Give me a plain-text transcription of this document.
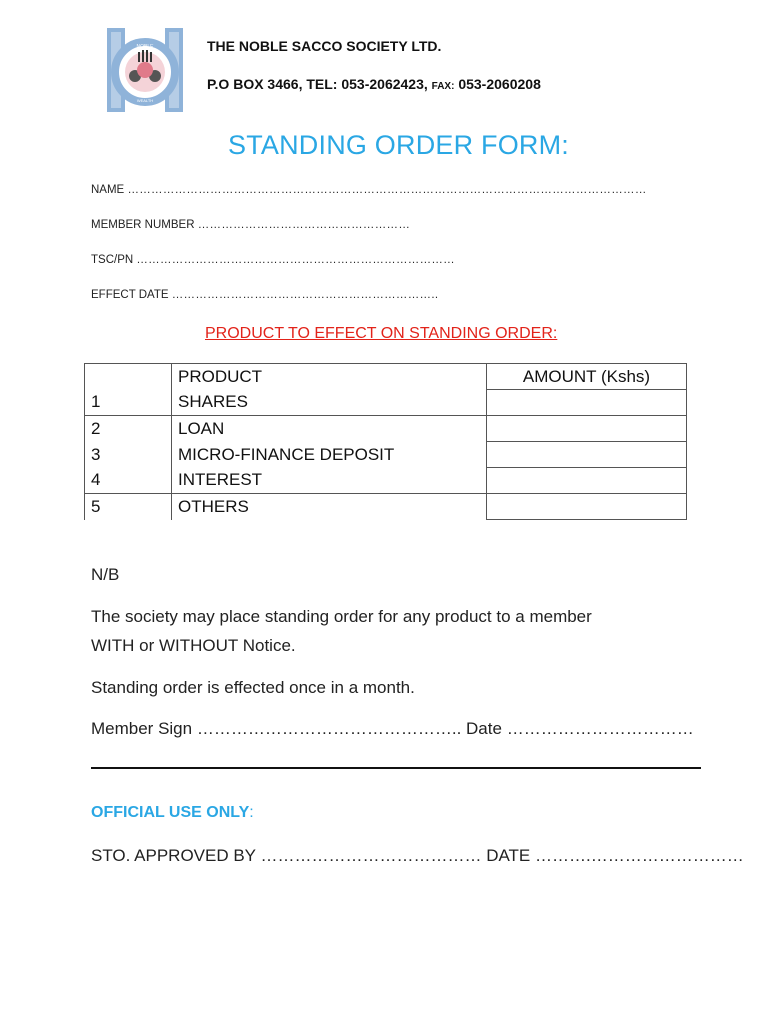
NOBLE
WEALTH
THE NOBLE SACCO SOCIETY LTD.
P.O BOX 3466, TEL: 053-2062423, FAX: 053-2060208
STANDING ORDER FORM:
NAME ……………………………………………………………………………………………………………………
MEMBER NUMBER ………………………………………………
TSC/PN ………………………………………………………………………
EFFECT DATE …………………………………………………………..
PRODUCT TO EFFECT ON STANDING ORDER:
	PRODUCT	AMOUNT (Kshs)
1	SHARES	
2	LOAN	
3	MICRO-FINANCE DEPOSIT	
4	INTEREST	
5	OTHERS	
N/B
The society may place standing order for any product to a member
WITH or WITHOUT Notice.
Standing order is effected once in a month.
Member Sign ……………………………………….. Date ……………………………
OFFICIAL USE ONLY:
STO. APPROVED BY ………………………………… DATE ……….………………………
